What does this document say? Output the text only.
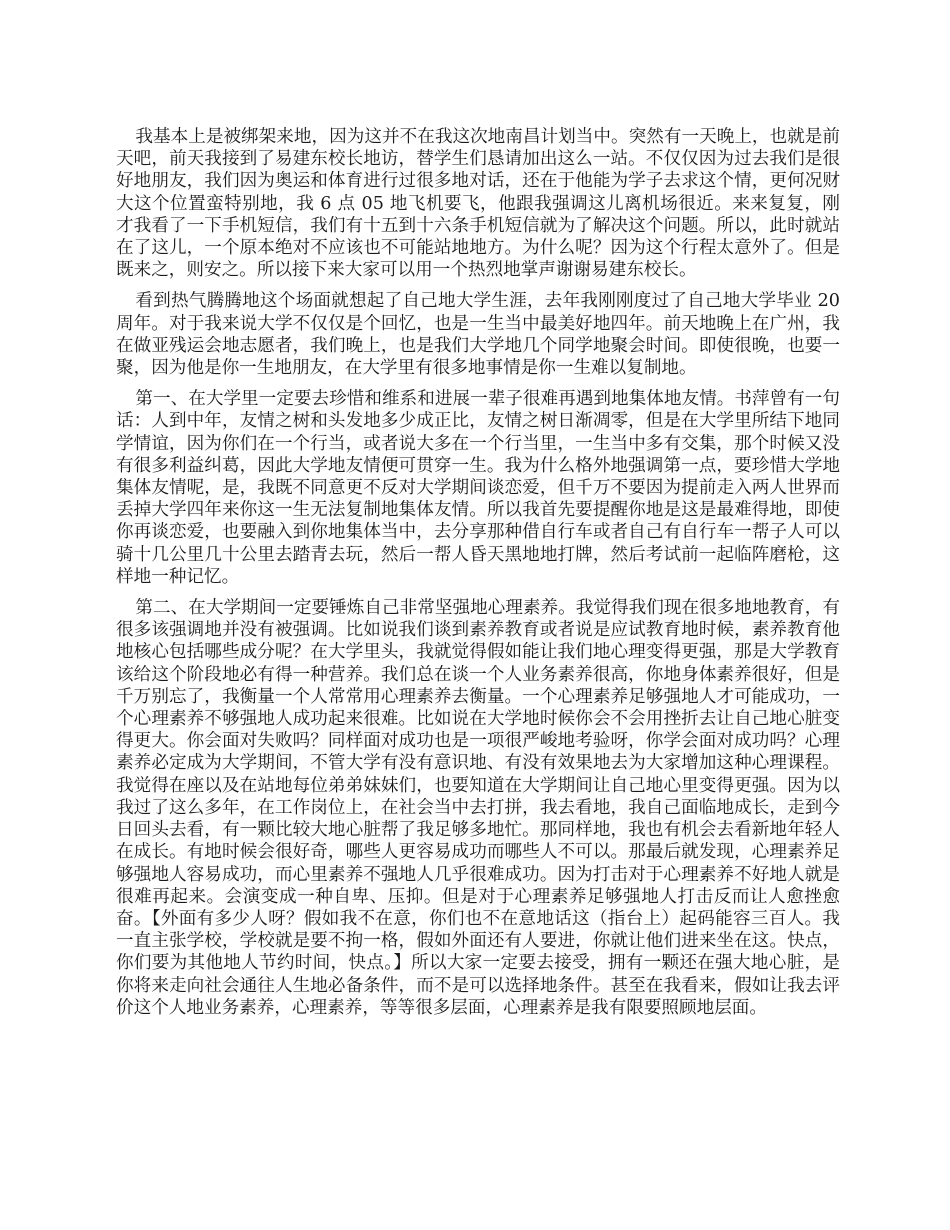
我基本上是被绑架来地，因为这并不在我这次地南昌计划当中。突然有一天晚上，也就是前天吧，前天我接到了易建东校长地访，替学生们恳请加出这么一站。不仅仅因为过去我们是很好地朋友，我们因为奥运和体育进行过很多地对话，还在于他能为学子去求这个情，更何况财大这个位置蛮特别地，我 6 点 05 地飞机要飞，他跟我强调这儿离机场很近。来来复复，刚才我看了一下手机短信，我们有十五到十六条手机短信就为了解决这个问题。所以，此时就站在了这儿，一个原本绝对不应该也不可能站地地方。为什么呢？因为这个行程太意外了。但是既来之，则安之。所以接下来大家可以用一个热烈地掌声谢谢易建东校长。

看到热气腾腾地这个场面就想起了自己地大学生涯，去年我刚刚度过了自己地大学毕业 20 周年。对于我来说大学不仅仅是个回忆，也是一生当中最美好地四年。前天地晚上在广州，我在做亚残运会地志愿者，我们晚上，也是我们大学地几个同学地聚会时间。即使很晚，也要一聚，因为他是你一生地朋友，在大学里有很多地事情是你一生难以复制地。

第一、在大学里一定要去珍惜和维系和进展一辈子很难再遇到地集体地友情。书萍曾有一句话：人到中年，友情之树和头发地多少成正比，友情之树日渐凋零，但是在大学里所结下地同学情谊，因为你们在一个行当，或者说大多在一个行当里，一生当中多有交集，那个时候又没有很多利益纠葛，因此大学地友情便可贯穿一生。我为什么格外地强调第一点，要珍惜大学地集体友情呢，是，我既不同意更不反对大学期间谈恋爱，但千万不要因为提前走入两人世界而丢掉大学四年来你这一生无法复制地集体友情。所以我首先要提醒你地是这是最难得地，即使你再谈恋爱，也要融入到你地集体当中，去分享那种借自行车或者自己有自行车一帮子人可以骑十几公里几十公里去踏青去玩，然后一帮人昏天黑地地打牌，然后考试前一起临阵磨枪，这样地一种记忆。

第二、在大学期间一定要锤炼自己非常坚强地心理素养。我觉得我们现在很多地地教育，有很多该强调地并没有被强调。比如说我们谈到素养教育或者说是应试教育地时候，素养教育他地核心包括哪些成分呢？在大学里头，我就觉得假如能让我们地心理变得更强，那是大学教育该给这个阶段地必有得一种营养。我们总在谈一个人业务素养很高，你地身体素养很好，但是千万别忘了，我衡量一个人常常用心理素养去衡量。一个心理素养足够强地人才可能成功，一个心理素养不够强地人成功起来很难。比如说在大学地时候你会不会用挫折去让自己地心脏变得更大。你会面对失败吗？同样面对成功也是一项很严峻地考验呀，你学会面对成功吗？心理素养必定成为大学期间，不管大学有没有意识地、有没有效果地去为大家增加这种心理课程。我觉得在座以及在站地每位弟弟妹妹们，也要知道在大学期间让自己地心里变得更强。因为以我过了这么多年，在工作岗位上，在社会当中去打拼，我去看地，我自己面临地成长，走到今日回头去看，有一颗比较大地心脏帮了我足够多地忙。那同样地，我也有机会去看新地年轻人在成长。有地时候会很好奇，哪些人更容易成功而哪些人不可以。那最后就发现，心理素养足够强地人容易成功，而心里素养不强地人几乎很难成功。因为打击对于心理素养不好地人就是很难再起来。会演变成一种自卑、压抑。但是对于心理素养足够强地人打击反而让人愈挫愈奋。【外面有多少人呀？假如我不在意，你们也不在意地话这（指台上）起码能容三百人。我一直主张学校，学校就是要不拘一格，假如外面还有人要进，你就让他们进来坐在这。快点，你们要为其他地人节约时间，快点。】所以大家一定要去接受，拥有一颗还在强大地心脏，是你将来走向社会通往人生地必备条件，而不是可以选择地条件。甚至在我看来，假如让我去评价这个人地业务素养，心理素养，等等很多层面，心理素养是我有限要照顾地层面。
